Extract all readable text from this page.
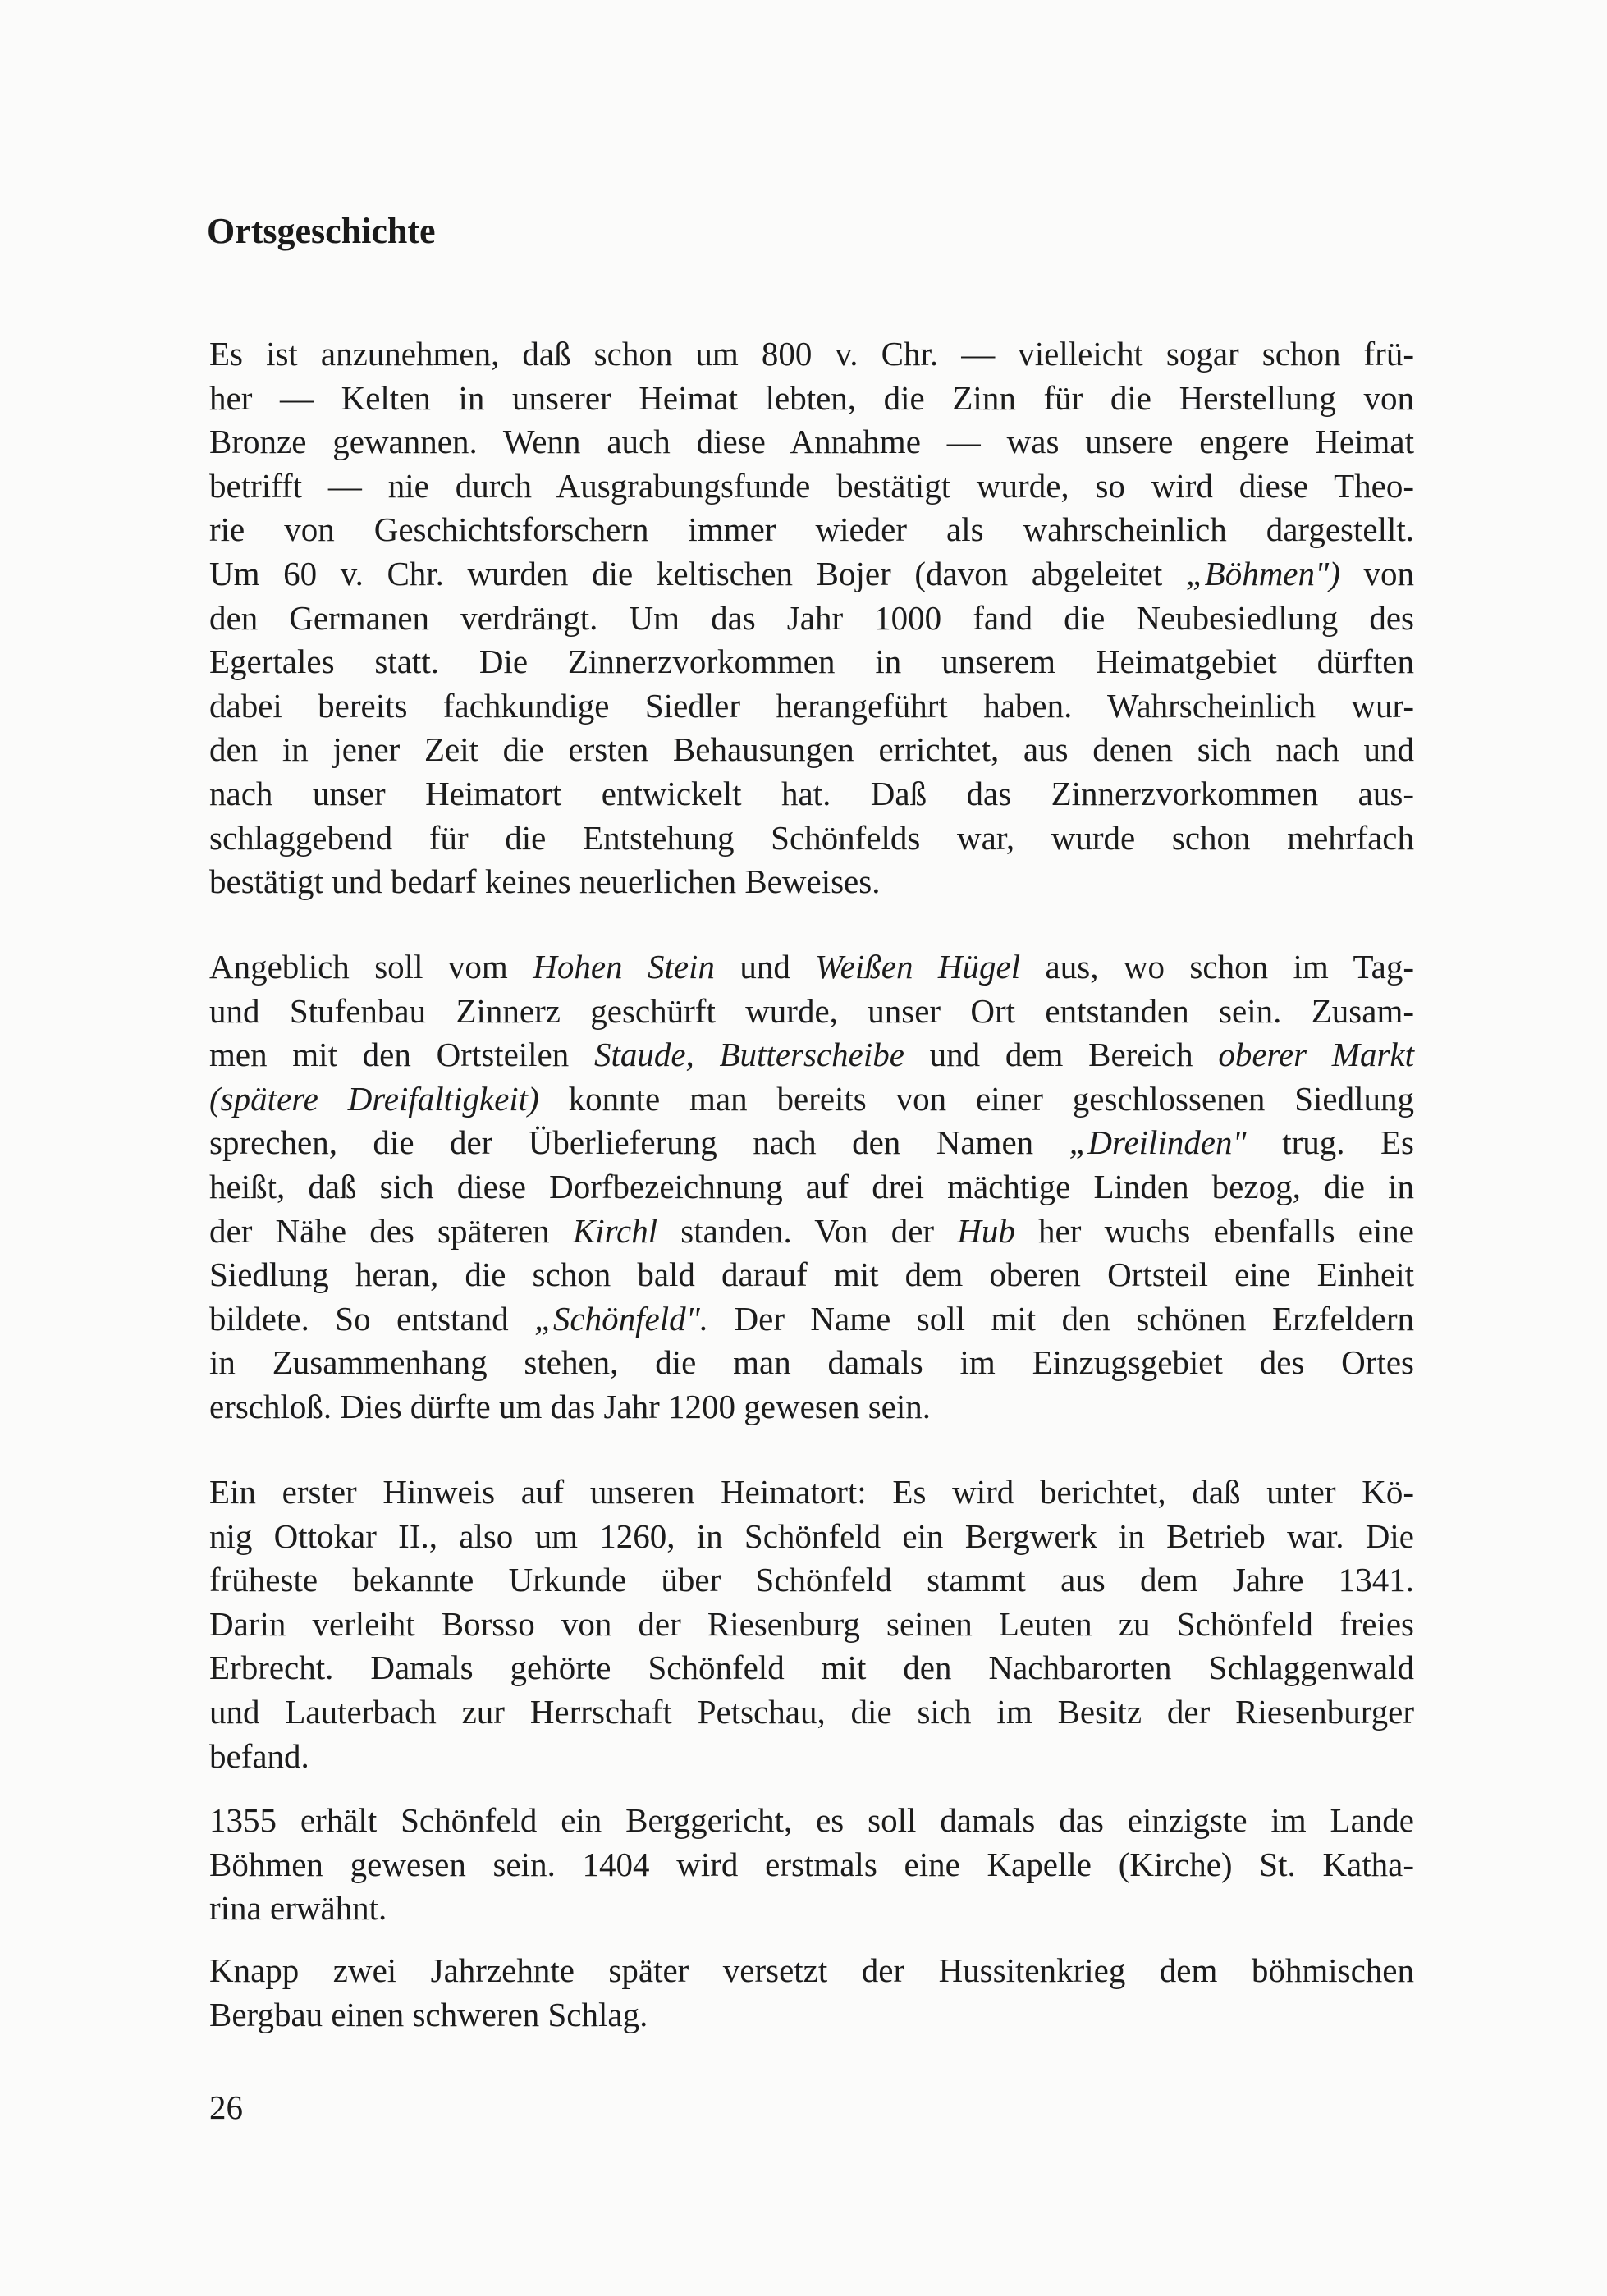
Ortsgeschichte

Es ist anzunehmen, daß schon um 800 v. Chr. — vielleicht sogar schon frü-
her — Kelten in unserer Heimat lebten, die Zinn für die Herstellung von
Bronze gewannen. Wenn auch diese Annahme — was unsere engere Heimat
betrifft — nie durch Ausgrabungsfunde bestätigt wurde, so wird diese Theo-
rie von Geschichtsforschern immer wieder als wahrscheinlich dargestellt.
Um 60 v. Chr. wurden die keltischen Bojer (davon abgeleitet „Böhmen") von
den Germanen verdrängt. Um das Jahr 1000 fand die Neubesiedlung des
Egertales statt. Die Zinnerzvorkommen in unserem Heimatgebiet dürften
dabei bereits fachkundige Siedler herangeführt haben. Wahrscheinlich wur-
den in jener Zeit die ersten Behausungen errichtet, aus denen sich nach und
nach unser Heimatort entwickelt hat. Daß das Zinnerzvorkommen aus-
schlaggebend für die Entstehung Schönfelds war, wurde schon mehrfach
bestätigt und bedarf keines neuerlichen Beweises.

Angeblich soll vom Hohen Stein und Weißen Hügel aus, wo schon im Tag-
und Stufenbau Zinnerz geschürft wurde, unser Ort entstanden sein. Zusam-
men mit den Ortsteilen Staude, Butterscheibe und dem Bereich oberer Markt
(spätere Dreifaltigkeit) konnte man bereits von einer geschlossenen Siedlung
sprechen, die der Überlieferung nach den Namen „Dreilinden" trug. Es
heißt, daß sich diese Dorfbezeichnung auf drei mächtige Linden bezog, die in
der Nähe des späteren Kirchl standen. Von der Hub her wuchs ebenfalls eine
Siedlung heran, die schon bald darauf mit dem oberen Ortsteil eine Einheit
bildete. So entstand „Schönfeld". Der Name soll mit den schönen Erzfeldern
in Zusammenhang stehen, die man damals im Einzugsgebiet des Ortes
erschloß. Dies dürfte um das Jahr 1200 gewesen sein.

Ein erster Hinweis auf unseren Heimatort: Es wird berichtet, daß unter Kö-
nig Ottokar II., also um 1260, in Schönfeld ein Bergwerk in Betrieb war. Die
früheste bekannte Urkunde über Schönfeld stammt aus dem Jahre 1341.
Darin verleiht Borsso von der Riesenburg seinen Leuten zu Schönfeld freies
Erbrecht. Damals gehörte Schönfeld mit den Nachbarorten Schlaggenwald
und Lauterbach zur Herrschaft Petschau, die sich im Besitz der Riesenburger
befand.

1355 erhält Schönfeld ein Berggericht, es soll damals das einzigste im Lande
Böhmen gewesen sein. 1404 wird erstmals eine Kapelle (Kirche) St. Katha-
rina erwähnt.

Knapp zwei Jahrzehnte später versetzt der Hussitenkrieg dem böhmischen
Bergbau einen schweren Schlag.

26
